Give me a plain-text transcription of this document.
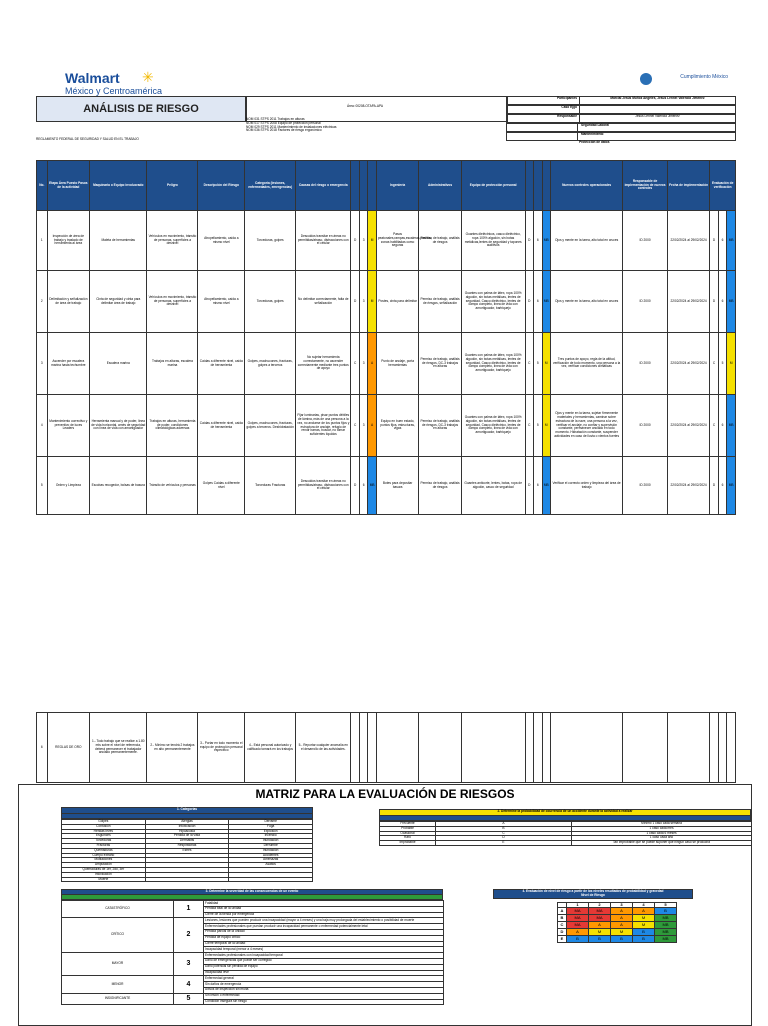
Walmart ✳
México y Centroamérica
Cumplimiento México
ANÁLISIS DE RIESGO	Área: 00208-OTAPA-APA
Participantes	Marcial Jesús Muñoz Angeles, Jesus Lennel Valencia Jimenez
Caso Ejgo
Responsable	Jesus Lennel Valencia Jimenez
Seguridad Laboral
Mantenimiento
Protección de datos
REGLAMENTO FEDERAL DE SEGURIDAD Y SALUD EN EL TRABAJO
NOM 031 STPS 2011 Trabajos en alturas
NOM 017 STPS 2008 Equipo de protección personal
NOM 029 STPS 2011 Mantenimiento de instalaciones eléctricas
NOM 036 STPS 2018 Factores de riesgo ergonómico
No.	Etapa Área Puesto Pasos de la actividad	Maquinaria o Equipo involucrado	Peligro	Descripción del Riesgo	Categoría (lesiones, enfermedades, emergencias)	Causas del riesgo o emergencia				Ingeniería	Administrativos	Equipo de protección personal				Nuevos controles operacionales	Responsable de implementación de nuevos controles	Fecha de implementación	Evaluación de verificación		
1	Inspección de área de trabajo y traslado de herramienta al área	Maleta de herramientas	Vehículos en movimiento, tránsito de personas, superficies a desnivel	Atropellamiento, caída a mismo nivel	Torceduras, golpes	Descuidos transitar en áreas no permitidas/atraso, distracciones con el celular	D	3	M	Pasos peatonales,rampas,escaleras,pasillos, zonas habilitadas como seguras	Permiso de trabajo, análisis de riesgos	Guantes dieléctricos, casco dieléctrico, ropa 100% algodón, sin botas metálicas,lentes de seguridad y tapones auditivos	D	6	MB	Ojos y mente en la tarea, alto total en cruces	ID 2000	22/02/2024 al 29/02/2024	D	6	MB
2	Delimitación y señalización de área de trabajo	Cinta de seguridad y cinta para delimitar área de trabajo	Vehículos en movimiento, tránsito de personas, superficies a desnivel	Atropellamiento, caída a mismo nivel	Torceduras, golpes	No delimitar correctamente, falta de señalización	D	3	M	Postes, cinta para delimitar	Permiso de trabajo, análisis de riesgos, señalización	Guantes con palma de látex, ropa 100% algodón, sin botas metálicas, lentes de seguridad, Casco dieléctrico, lentes de campo completo, línea de vida con amortiguador, barbiquejo	D	6	MB	Ojos y mente en la tarea, alto total en cruces	ID 2000	22/02/2024 al 29/02/2024	D	6	MB
3	Ascender por escalera marina hasta techumbre	Escalera marina	Trabajos en alturas, escalera marina	Caídas a diferente nivel, caída de herramienta	Golpes, machucones, fracturas, golpes a terceros	No sujetar herramienta correctamente, no ascender correctamente mediante tres puntos de apoyo	C	3	A	Punto de anclaje, porta herramientas	Permiso de trabajo, análisis de riesgos, DC-3 trabajos en alturas	Guantes con palma de látex, ropa 100% algodón, sin botas metálicas, lentes de seguridad, Casco dieléctrico, lentes de campo completo, línea de vida con amortiguador, barbiquejo	C	5	M	Tres puntos de apoyo, regla de la altitud, verificación de todo momento, una persona a la vez, verificar condiciones climáticas	ID 2000	22/02/2024 al 29/02/2024	C	5	M
4	Mantenimiento correctivo y preventivo de luces Leaders	Herramienta manual y de poder, línea de vida horizontal, arnés de seguridad con línea de vida con amortiguador	Trabajos en alturas, herramienta de poder, condiciones climatológicas adversas	Caídas a diferente nivel, caída de herramienta	Golpes, machucones, fracturas, golpes a terceros. Deshidratación	Fijar luminarias, pisar puntos débiles de lámina, más de una persona a la vez, no anclarse de los puntos fijos y estructura de anclaje, refugio de rendir barras, buscar, no tomar suficientes líquidos	C	3	A	Equipo en buen estado, puntos fijos, estructuras, vigas	Permiso de trabajo, análisis de riesgos, DC-3 trabajos en alturas	Guantes con palma de látex, ropa 100% algodón, sin botas metálicas, lentes de seguridad, Casco dieléctrico, lentes de campo completo, línea de vida con amortiguador, barbiquejo	C	5	M	Ojos y mente en la tarea, sujetar firmemente materiales y herramientas, caminar sobre estructura de la nave, una persona a la vez, verificar el anclaje, no confiar y supervisión constante, permanecer anclado en todo momento. Hidratación constante, suspender actividades en caso de lluvia o vientos fuertes	ID 2000	22/02/2024 al 29/02/2024	C	6	MB
5	Orden y Limpieza	Escobas recogedor, bolsas de basura	Tránsito de vehículos y personas	Golpes Caídas a diferente nivel	Torceduras Fracturas	Descuidos transitar en áreas no permitidas/atraso, distracciones con el celular	D	6	MB	Botes para depositar basura	Permiso de trabajo, análisis de riesgos	Guantes anticorte, lentes, botas, ropa de algodón, casco de seguridad	D	6	MB	Verificar el correcto orden y limpieza del área de trabajo	ID 2000	22/02/2024 al 29/02/2024	D	6	MB
6	REGLAS DE ORO	1.- Todo trabajo que se realice a 1.80 mts sobre el nivel de referencia, deberá permanecer el trabajador anclado permanentemente.	2.- Mínimo se tendrá 2 trabajos en alto permanentemente	3.- Portar en todo momento el equipo de protección personal específico	4.- Está personal autorizado y calificado tomará en los trabajos	5.- Reportar cualquier anomalía en el desarrollo de las actividades.															
MATRIZ PARA LA EVALUACIÓN DE RIESGOS
1. Categorías
Golpes	Alergias	Derrame
Contusión	Intoxicación	Fuga
Heridas leves	Hipoacusia	Explosión
Esguinces	Pérdida de la vista	Incendio
Torceduras	Dermatitis	Inundación
Fracturas	Respiratorias	Derrumbe
Quemaduras	Estrés	Inundación
Cuerpo extraño		Accidentes
Mutilaciones		Amenazas
Amputación		Asaltos
Quemaduras de 1er, 2do, 3er		
Intoxicación		
Muerte		
2. Determine la probabilidad de ocurrencia de un accidente durante la actividad a realizar
Frecuente	A	Mínimo 1 caso cada semana
Probable	B	1 caso cada mes
Ocasional	C	1 caso cada 6 meses
Raro	D	1 caso cada año
Improbable	E	Tan improbable que se puede suponer que ningún caso se producirá
3. Determine la severidad de las consecuencias de un evento
CATASTRÓFICO	1	Fatalidad
		Pérdida total de la unidad
		Cierre de la tienda por emergencia
CRÍTICO	2	Lesiones, lesiones que pueden producir una incapacidad (mayor a 4 meses) y una baja muy prolongada del establecimiento o posibilidad de muerte
		Enfermedades profesionales que puedan producir una incapacidad permanente o enfermedad potencialmente letal
		Pérdida parcial de la unidad
		Pérdida de equipo crítico
		Cierre temporal de la unidad
		Incapacidad temporal (menor a 4 meses)
MAYOR	3	Enfermedades profesionales con incapacidad temporal
		Daño de emergencias que puede ser corregido
		Daño potencial sin pérdida de equipo
		Incapacidad leve
MENOR	4	Enfermedad general
		Sin daños de emergencia
		Avisos de inspección sin multa
INSIGNIFICANTE	5	Sin lesión o enfermedad
		Condición insegura sin riesgo
4. Evaluación de nivel de riesgo a partir de los niveles resultados de probabilidad y gravedad
Nivel de Riesgo
	1	2	3	4	5
A	MA	MA	A	A	B
B	MA	MA	A	M	MB
C	MA	A	A	M	MB
D	A	M	M	B	MB
E	B	B	B	B	MB
